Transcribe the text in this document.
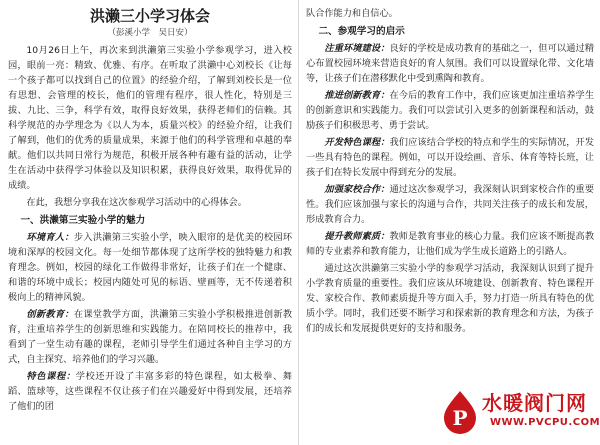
洪濑三小学习体会
（彭溪小学　吴日安）

10月26日上午，再次来到洪濑第三实验小学参观学习，进入校园，眼前一亮：精致、优雅、有序。在听取了洪濑中心刘校长《让每一个孩子都可以找到自己的位置》的经验介绍，了解到刘校长是一位有思想、会管理的校长，他们的管理有程序，很人性化，特别是三拔、九比、三争，科学有效，取得良好效果，获得老师们的信赖。其科学规范的办学理念为《以人为本，质量兴校》的经验介绍，让我们了解到，他们的优秀的质量成果，来源于他们的科学管理和卓越的奉献。他们以共同日常行为规范，积极开展各种有趣有益的活动，让学生在活动中获得学习体验以及知识积累，获得良好效果，取得优异的成绩。

在此，我想分享我在这次参观学习活动中的心得体会。

一、洪濑第三实验小学的魅力

环境育人：步入洪濑第三实验小学，映入眼帘的是优美的校园环境和深厚的校园文化。每一处细节都体现了这所学校的独特魅力和教育理念。例如，校园的绿化工作做得非常好，让孩子们在一个健康、和谐的环境中成长；校园内随处可见的标语、壁画等，无不传递着积极向上的精神风貌。

创新教育：在课堂教学方面，洪濑第三实验小学积极推进创新教育，注重培养学生的创新思维和实践能力。在陪同校长的推荐中，我看到了一堂生动有趣的课程，老师引导学生们通过各种自主学习的方式，自主探究、培养他们的学习兴趣。

特色课程：学校还开设了丰富多彩的特色课程，如太极拳、舞蹈、篮球等，这些课程不仅让孩子们在兴趣爱好中得到发展，还培养了他们的团

队合作能力和自信心。

二、参观学习的启示

注重环境建设：良好的学校是成功教育的基础之一，但可以通过精心布置校园环境来营造良好的育人氛围。我们可以设置绿化带、文化墙等，让孩子们在潜移默化中受到熏陶和教育。

推进创新教育：在今后的教育工作中，我们应该更加注重培养学生的创新意识和实践能力。我们可以尝试引入更多的创新课程和活动，鼓励孩子们积极思考、勇于尝试。

开发特色课程：我们应该结合学校的特点和学生的实际情况，开发一些具有特色的课程。例如，可以开设绘画、音乐、体育等特长班，让孩子们在特长发展中得到充分的发展。

加强家校合作：通过这次参观学习，我深刻认识到家校合作的重要性。我们应该加强与家长的沟通与合作，共同关注孩子的成长和发展，形成教育合力。

提升教师素质：教师是教育事业的核心力量。我们应该不断提高教师的专业素养和教育能力，让他们成为学生成长道路上的引路人。

通过这次洪濑第三实验小学的参观学习活动，我深刻认识到了提升小学教育质量的重要性。我们应该从环境建设、创新教育、特色课程开发、家校合作、教师素质提升等方面入手，努力打造一所具有特色的优质小学。同时，我们还要不断学习和探索新的教育理念和方法，为孩子们的成长和发展提供更好的支持和服务。

P
水暖阀门网
WWW.PVCPU.COM
